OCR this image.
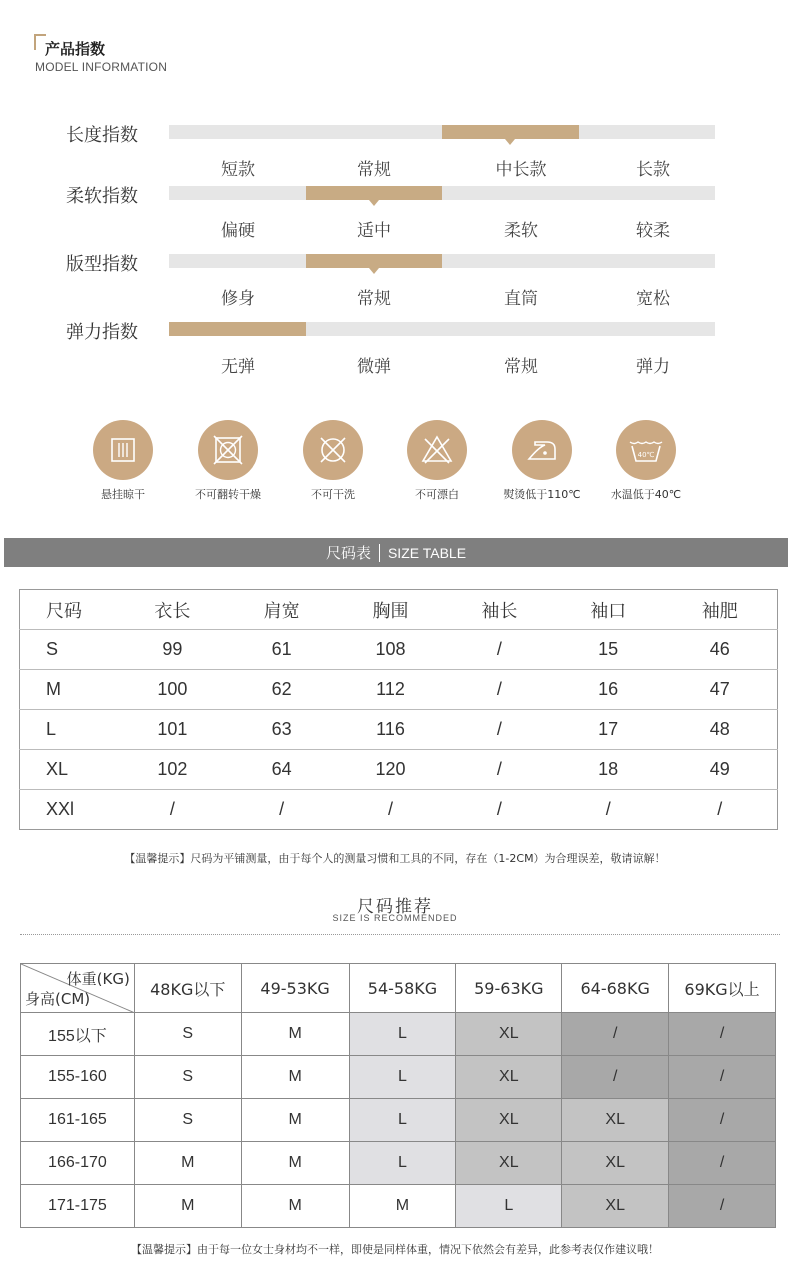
产品指数
MODEL INFORMATION
长度指数
短款	常规	中长款	长款
柔软指数
偏硬	适中	柔软	较柔
版型指数
修身	常规	直筒	宽松
弹力指数
无弹	微弹	常规	弹力
悬挂晾干	不可翻转干燥	不可干洗	不可漂白	熨烫低于110℃
40℃
水温低于40℃
尺码表 SIZE TABLE
尺码	衣长	肩宽	胸围	袖长	袖口	袖肥
S	99	61	108	/	15	46
M	100	62	112	/	16	47
L	101	63	116	/	17	48
XL	102	64	120	/	18	49
XXl	/	/	/	/	/	/
【温馨提示】尺码为平铺测量，由于每个人的测量习惯和工具的不同，存在（1-2CM）为合理误差，敬请谅解！
尺码推荐
SIZE IS RECOMMENDED
体重(KG)
身高(CM)	48KG以下	49-53KG	54-58KG	59-63KG	64-68KG	69KG以上
155以下	S	M	L	XL	/	/
155-160	S	M	L	XL	/	/
161-165	S	M	L	XL	XL	/
166-170	M	M	L	XL	XL	/
171-175	M	M	M	L	XL	/
【温馨提示】由于每一位女士身材均不一样，即使是同样体重，情况下依然会有差异，此参考表仅作建议哦！
